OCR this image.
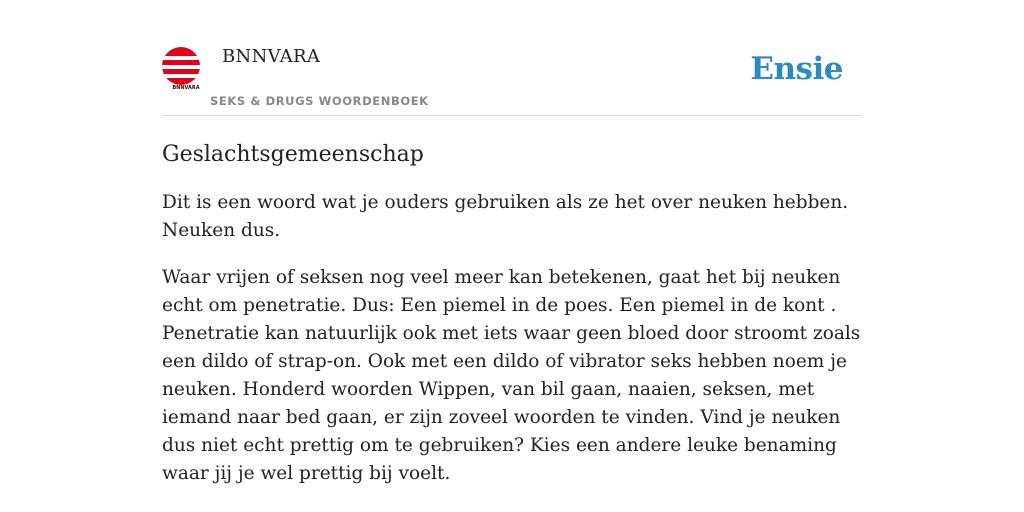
BNNVARA
BNNVARA
SEKS & DRUGS WOORDENBOEK
Ensie
Geslachtsgemeenschap

Dit is een woord wat je ouders gebruiken als ze het over neuken hebben. Neuken dus.

Waar vrijen of seksen nog veel meer kan betekenen, gaat het bij neuken echt om penetratie. Dus: Een piemel in de poes. Een piemel in de kont . Penetratie kan natuurlijk ook met iets waar geen bloed door stroomt zoals een dildo of strap-on. Ook met een dildo of vibrator seks hebben noem je neuken. Honderd woorden Wippen, van bil gaan, naaien, seksen, met iemand naar bed gaan, er zijn zoveel woorden te vinden. Vind je neuken dus niet echt prettig om te gebruiken? Kies een andere leuke benaming waar jij je wel prettig bij voelt.
